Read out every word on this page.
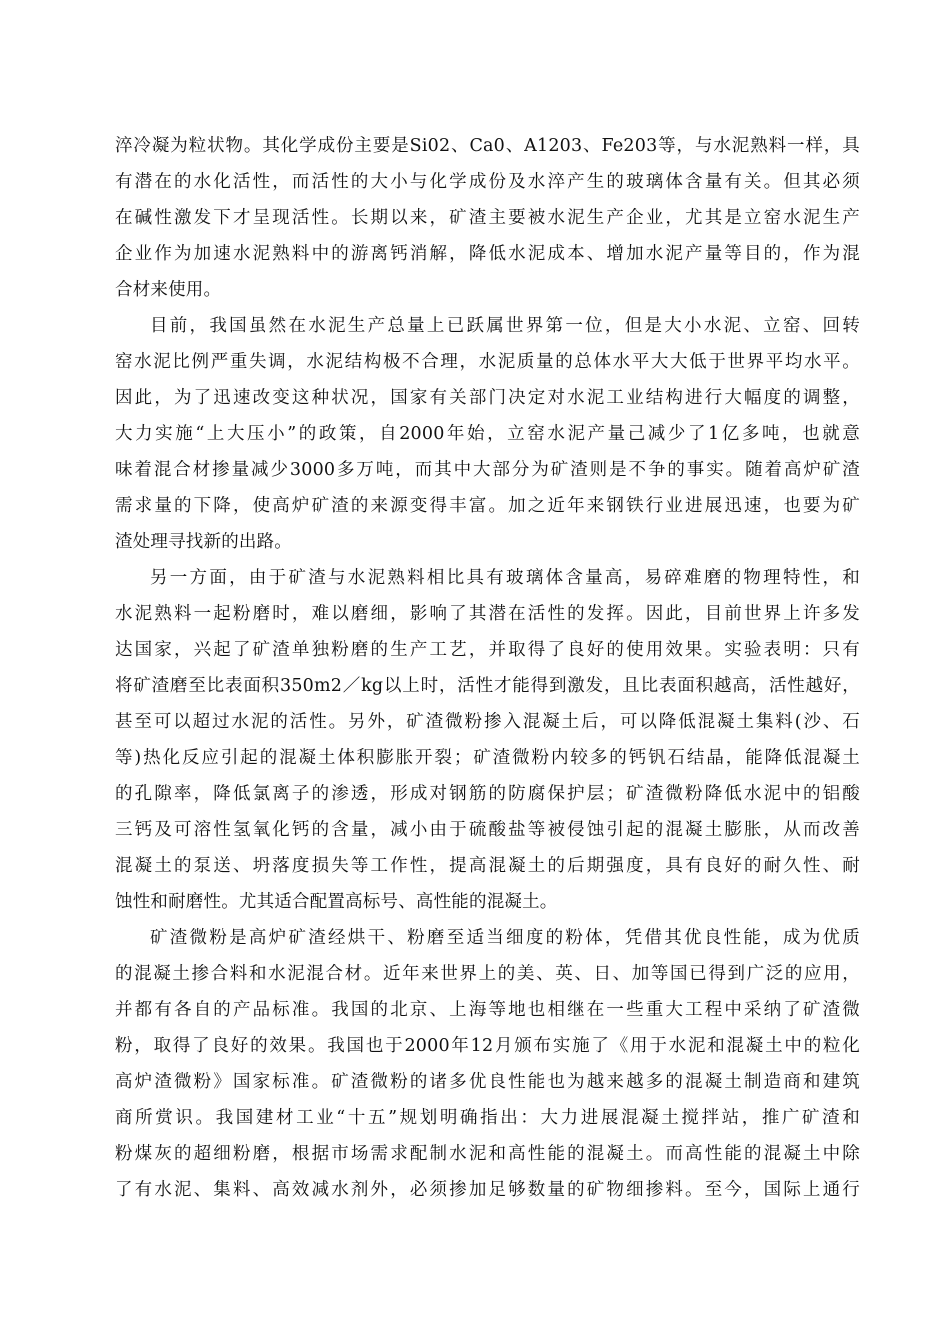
淬冷凝为粒状物。其化学成份主要是Si02、Ca0、A1203、Fe203等，与水泥熟料一样，具
有潜在的水化活性，而活性的大小与化学成份及水淬产生的玻璃体含量有关。但其必须
在碱性激发下才呈现活性。长期以来，矿渣主要被水泥生产企业，尤其是立窑水泥生产
企业作为加速水泥熟料中的游离钙消解，降低水泥成本、增加水泥产量等目的，作为混
合材来使用。
目前，我国虽然在水泥生产总量上已跃属世界第一位，但是大小水泥、立窑、回转
窑水泥比例严重失调，水泥结构极不合理，水泥质量的总体水平大大低于世界平均水平。
因此，为了迅速改变这种状况，国家有关部门决定对水泥工业结构进行大幅度的调整，
大力实施“上大压小”的政策，自2000年始，立窑水泥产量己减少了1亿多吨，也就意
味着混合材掺量减少3000多万吨，而其中大部分为矿渣则是不争的事实。随着高炉矿渣
需求量的下降，使高炉矿渣的来源变得丰富。加之近年来钢铁行业进展迅速，也要为矿
渣处理寻找新的出路。
另一方面，由于矿渣与水泥熟料相比具有玻璃体含量高，易碎难磨的物理特性，和
水泥熟料一起粉磨时，难以磨细，影响了其潜在活性的发挥。因此，目前世界上许多发
达国家，兴起了矿渣单独粉磨的生产工艺，并取得了良好的使用效果。实验表明：只有
将矿渣磨至比表面积350m2／kg以上时，活性才能得到激发，且比表面积越高，活性越好，
甚至可以超过水泥的活性。另外，矿渣微粉掺入混凝土后，可以降低混凝土集料(沙、石
等)热化反应引起的混凝土体积膨胀开裂；矿渣微粉内较多的钙钒石结晶，能降低混凝土
的孔隙率，降低氯离子的渗透，形成对钢筋的防腐保护层；矿渣微粉降低水泥中的铝酸
三钙及可溶性氢氧化钙的含量，减小由于硫酸盐等被侵蚀引起的混凝土膨胀，从而改善
混凝土的泵送、坍落度损失等工作性，提高混凝土的后期强度，具有良好的耐久性、耐
蚀性和耐磨性。尤其适合配置高标号、高性能的混凝土。
矿渣微粉是高炉矿渣经烘干、粉磨至适当细度的粉体，凭借其优良性能，成为优质
的混凝土掺合料和水泥混合材。近年来世界上的美、英、日、加等国已得到广泛的应用，
并都有各自的产品标准。我国的北京、上海等地也相继在一些重大工程中采纳了矿渣微
粉，取得了良好的效果。我国也于2000年12月颁布实施了《用于水泥和混凝土中的粒化
高炉渣微粉》国家标准。矿渣微粉的诸多优良性能也为越来越多的混凝土制造商和建筑
商所赏识。我国建材工业“十五”规划明确指出：大力进展混凝土搅拌站，推广矿渣和
粉煤灰的超细粉磨，根据市场需求配制水泥和高性能的混凝土。而高性能的混凝土中除
了有水泥、集料、高效减水剂外，必须掺加足够数量的矿物细掺料。至今，国际上通行
